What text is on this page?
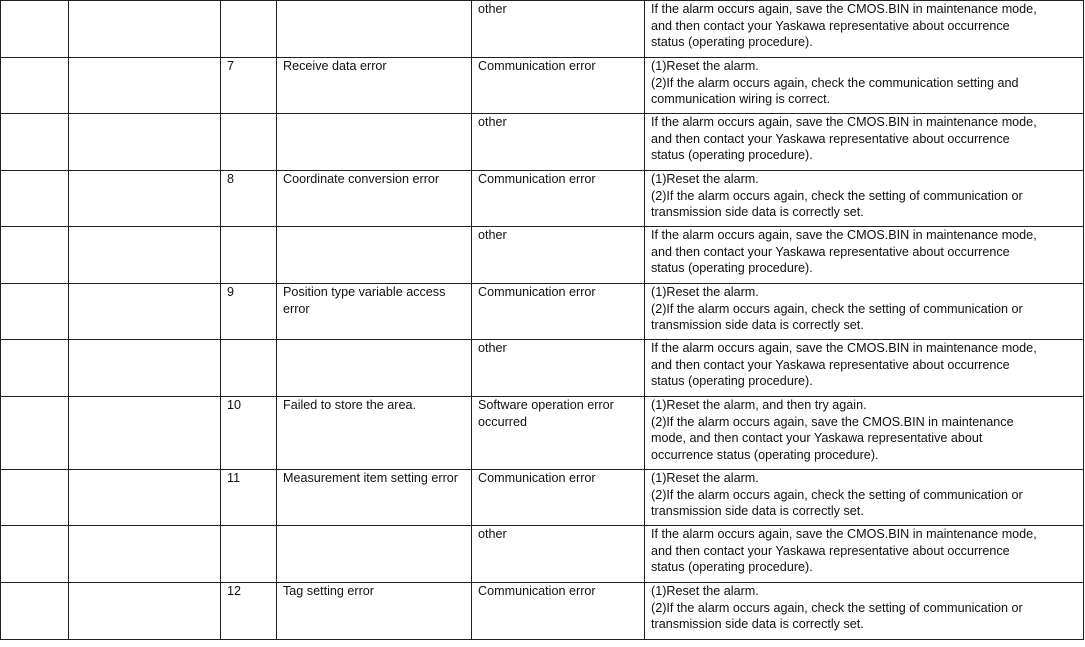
				other	If the alarm occurs again, save the CMOS.BIN in maintenance mode,
and then contact your Yaskawa representative about occurrence
status (operating procedure).

		7	Receive data error	Communication error	(1)Reset the alarm.
(2)If the alarm occurs again, check the communication setting and
communication wiring is correct.

				other	If the alarm occurs again, save the CMOS.BIN in maintenance mode,
and then contact your Yaskawa representative about occurrence
status (operating procedure).

		8	Coordinate conversion error	Communication error	(1)Reset the alarm.
(2)If the alarm occurs again, check the setting of communication or
transmission side data is correctly set.

				other	If the alarm occurs again, save the CMOS.BIN in maintenance mode,
and then contact your Yaskawa representative about occurrence
status (operating procedure).

		9	Position type variable access error	Communication error	(1)Reset the alarm.
(2)If the alarm occurs again, check the setting of communication or
transmission side data is correctly set.

				other	If the alarm occurs again, save the CMOS.BIN in maintenance mode,
and then contact your Yaskawa representative about occurrence
status (operating procedure).

		10	Failed to store the area.	Software operation error occurred	(1)Reset the alarm, and then try again.
(2)If the alarm occurs again, save the CMOS.BIN in maintenance
mode, and then contact your Yaskawa representative about
occurrence status (operating procedure).

		11	Measurement item setting error	Communication error	(1)Reset the alarm.
(2)If the alarm occurs again, check the setting of communication or
transmission side data is correctly set.

				other	If the alarm occurs again, save the CMOS.BIN in maintenance mode,
and then contact your Yaskawa representative about occurrence
status (operating procedure).

		12	Tag setting error	Communication error	(1)Reset the alarm.
(2)If the alarm occurs again, check the setting of communication or
transmission side data is correctly set.
